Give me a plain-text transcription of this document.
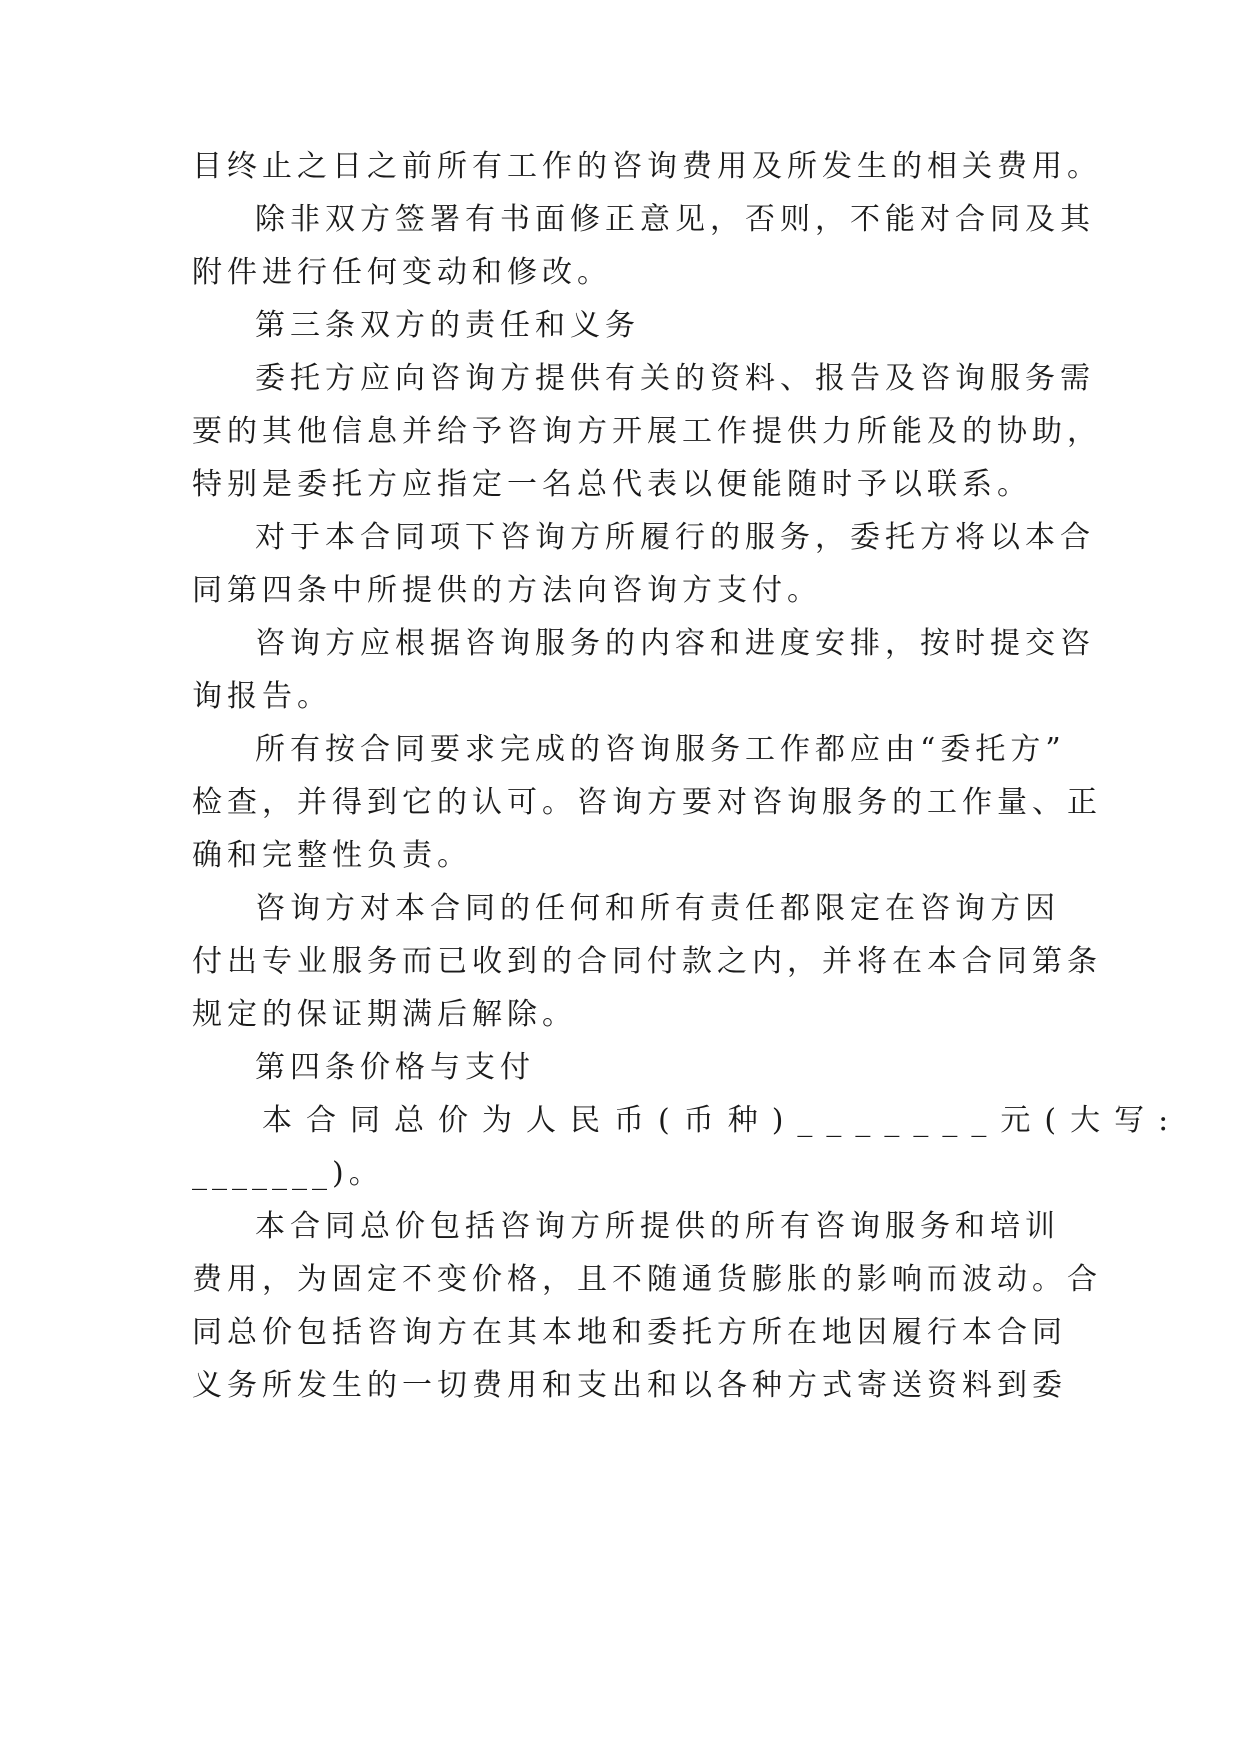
目终止之日之前所有工作的咨询费用及所发生的相关费用。
除非双方签署有书面修正意见，否则，不能对合同及其
附件进行任何变动和修改。
第三条双方的责任和义务
委托方应向咨询方提供有关的资料、报告及咨询服务需
要的其他信息并给予咨询方开展工作提供力所能及的协助，
特别是委托方应指定一名总代表以便能随时予以联系。
对于本合同项下咨询方所履行的服务，委托方将以本合
同第四条中所提供的方法向咨询方支付。
咨询方应根据咨询服务的内容和进度安排，按时提交咨
询报告。
所有按合同要求完成的咨询服务工作都应由“委托方”
检查，并得到它的认可。咨询方要对咨询服务的工作量、正
确和完整性负责。
咨询方对本合同的任何和所有责任都限定在咨询方因
付出专业服务而已收到的合同付款之内，并将在本合同第条
规定的保证期满后解除。
第四条价格与支付
本合同总价为人民币(币种)_______元(大写:
_______)。
本合同总价包括咨询方所提供的所有咨询服务和培训
费用，为固定不变价格，且不随通货膨胀的影响而波动。合
同总价包括咨询方在其本地和委托方所在地因履行本合同
义务所发生的一切费用和支出和以各种方式寄送资料到委
